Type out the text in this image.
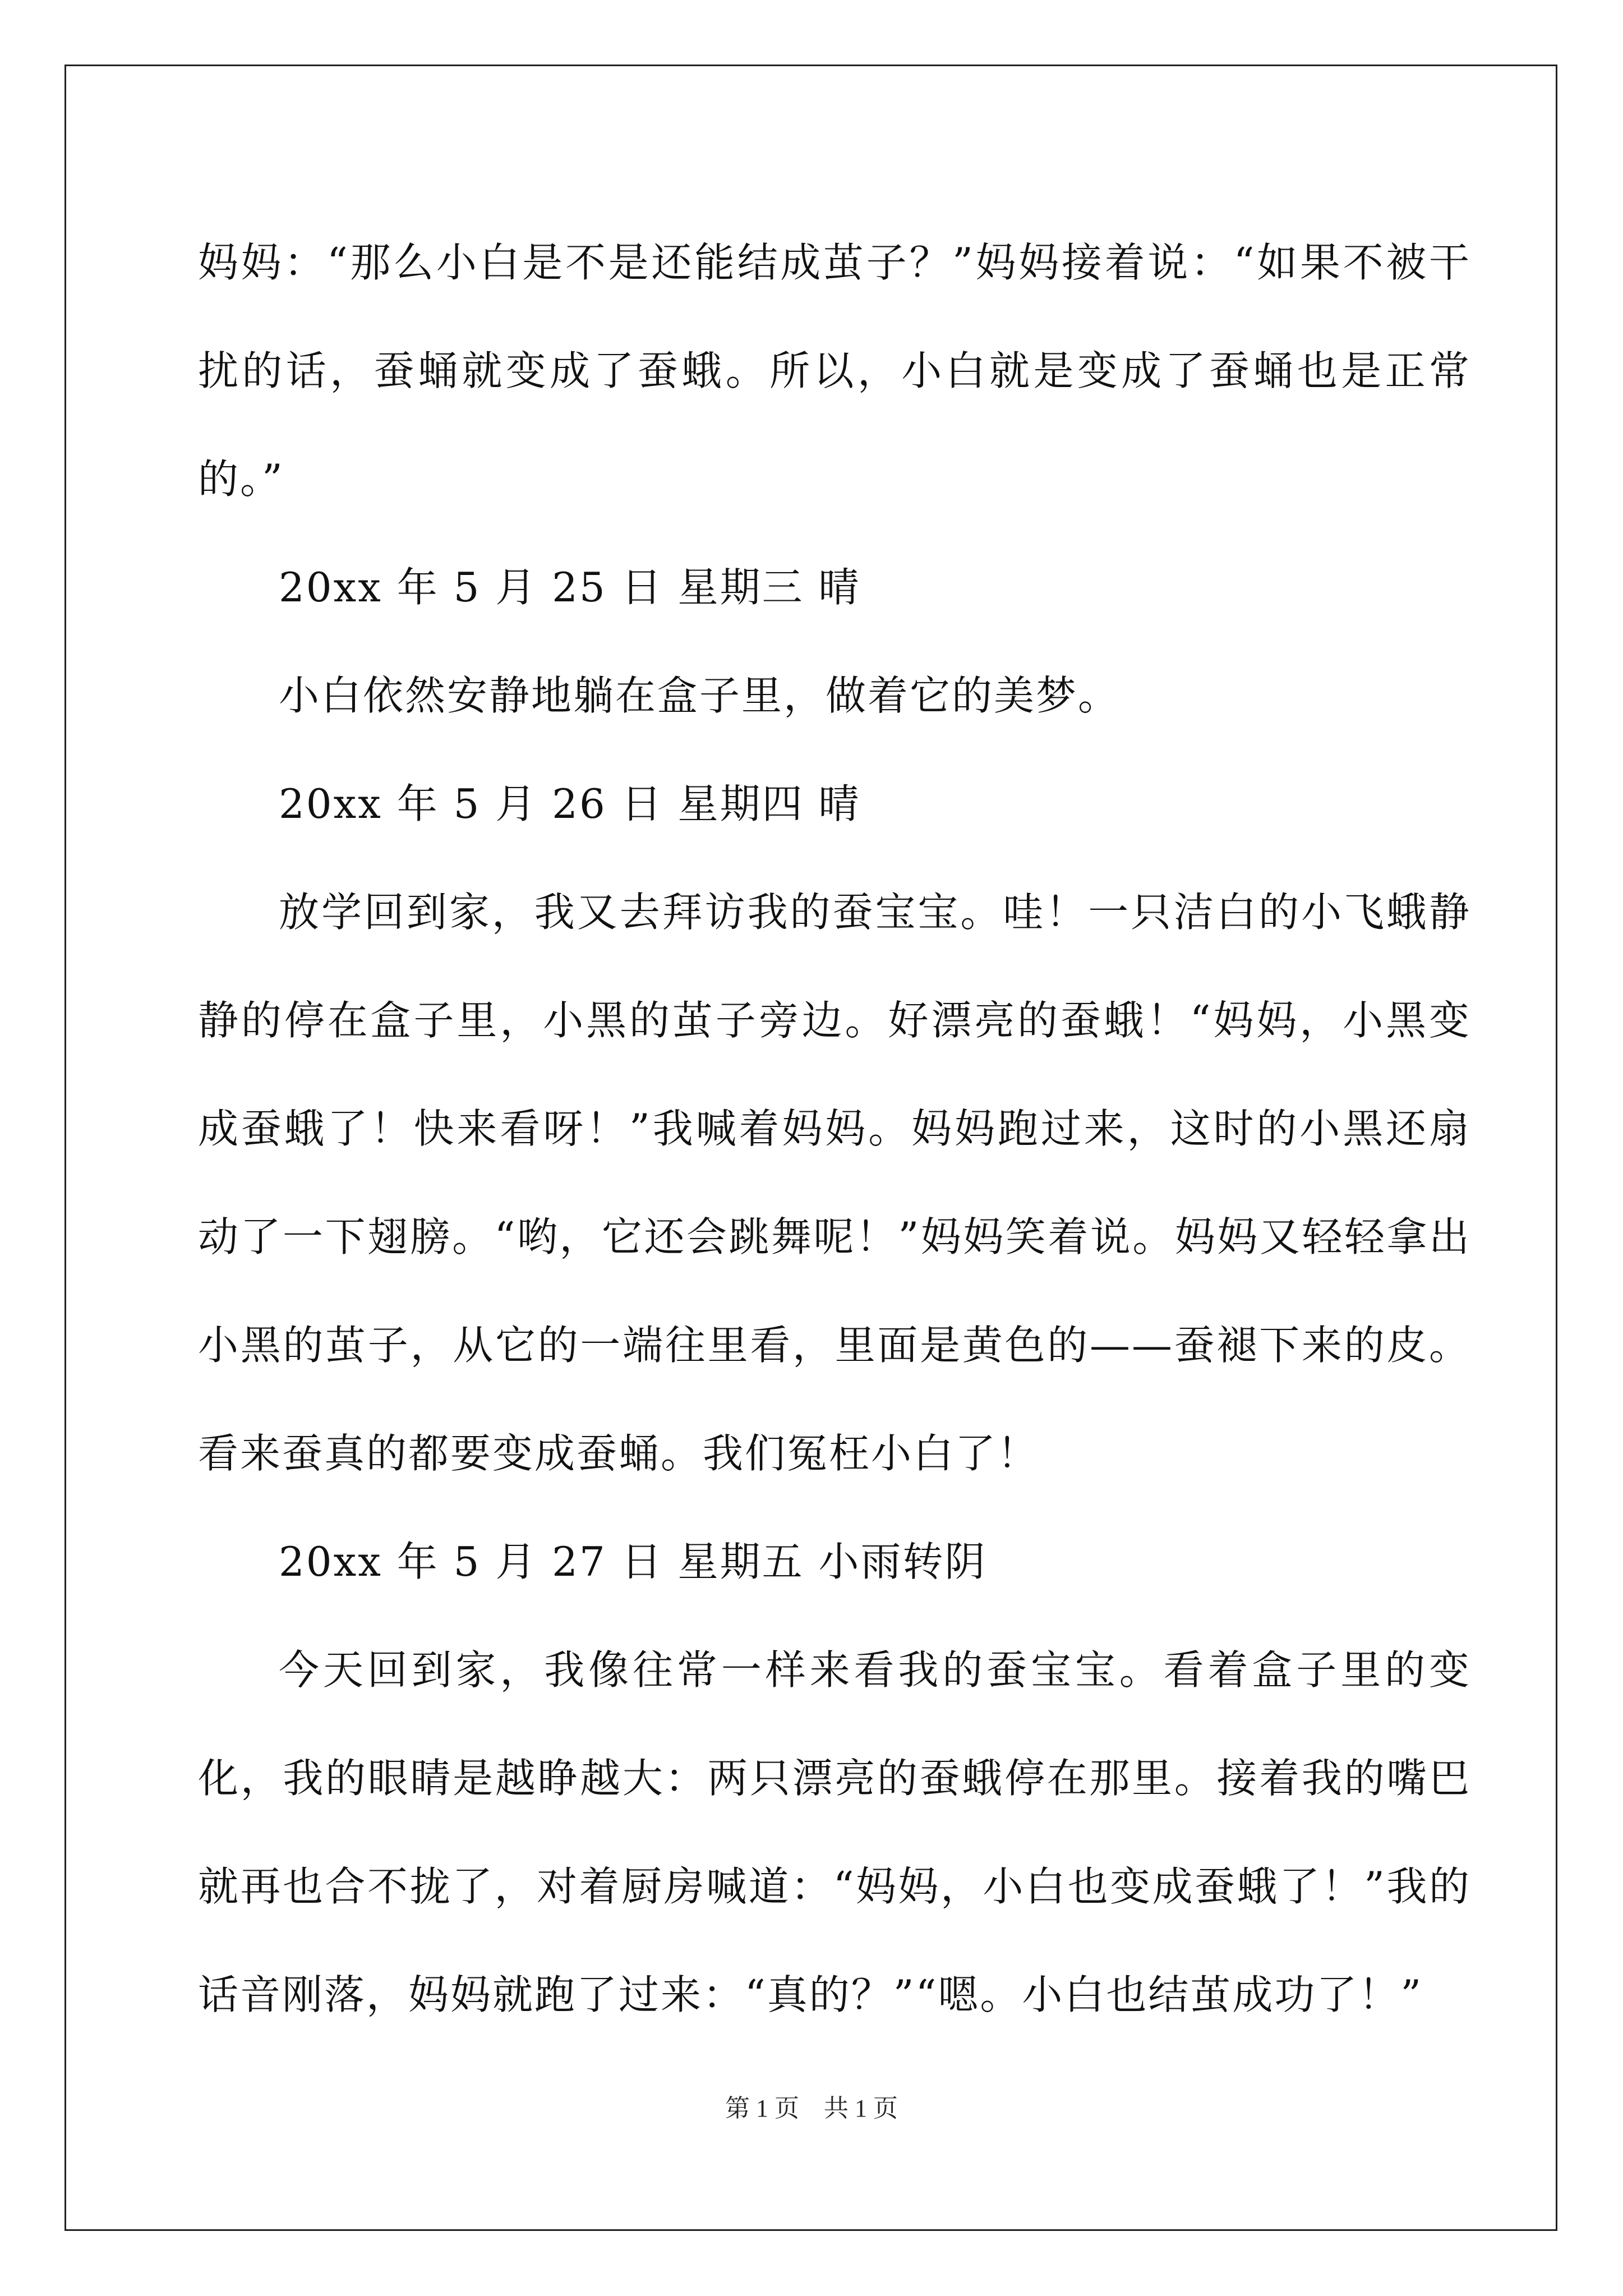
妈妈：“那么小白是不是还能结成茧子？”妈妈接着说：“如果不被干扰的话，蚕蛹就变成了蚕蛾。所以，小白就是变成了蚕蛹也是正常的。”

20xx 年 5 月 25 日 星期三 晴

小白依然安静地躺在盒子里，做着它的美梦。

20xx 年 5 月 26 日 星期四 晴

放学回到家，我又去拜访我的蚕宝宝。哇！一只洁白的小飞蛾静静的停在盒子里，小黑的茧子旁边。好漂亮的蚕蛾！“妈妈，小黑变成蚕蛾了！快来看呀！”我喊着妈妈。妈妈跑过来，这时的小黑还扇动了一下翅膀。“哟，它还会跳舞呢！”妈妈笑着说。妈妈又轻轻拿出小黑的茧子，从它的一端往里看，里面是黄色的——蚕褪下来的皮。看来蚕真的都要变成蚕蛹。我们冤枉小白了！

20xx 年 5 月 27 日 星期五 小雨转阴

今天回到家，我像往常一样来看我的蚕宝宝。看着盒子里的变化，我的眼睛是越睁越大：两只漂亮的蚕蛾停在那里。接着我的嘴巴就再也合不拢了，对着厨房喊道：“妈妈，小白也变成蚕蛾了！”我的话音刚落，妈妈就跑了过来：“真的？”“嗯。小白也结茧成功了！”

第 1 页　共 1 页
